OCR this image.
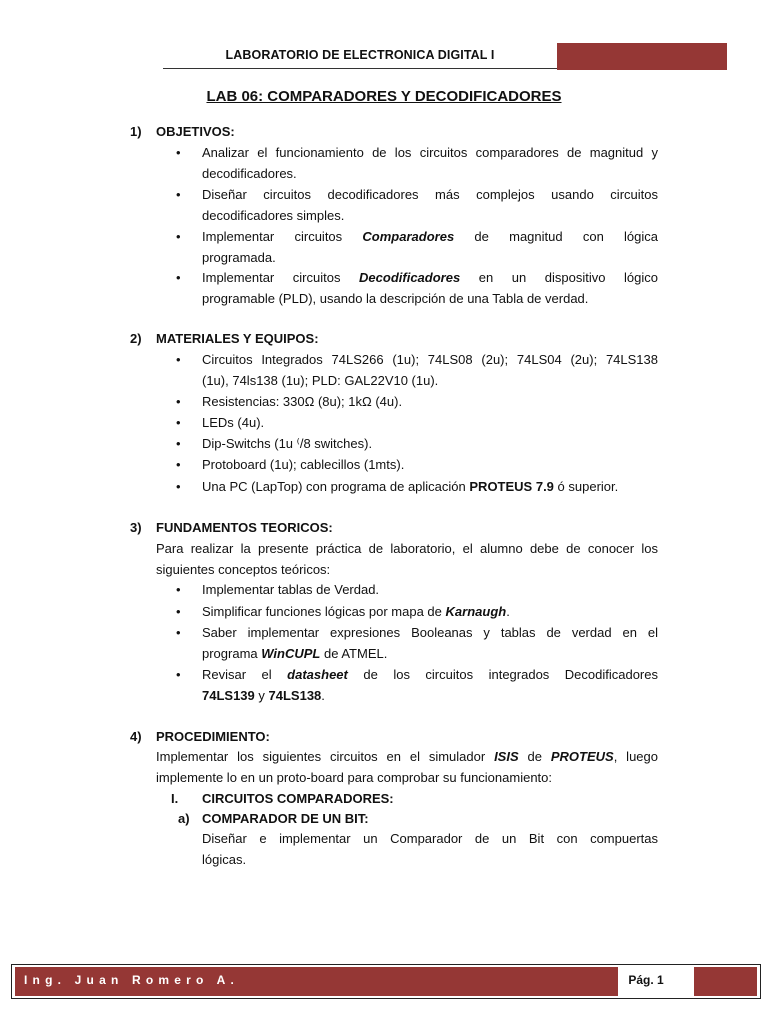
LABORATORIO DE ELECTRONICA DIGITAL I
LAB 06: COMPARADORES Y DECODIFICADORES
1) OBJETIVOS:
• Analizar el funcionamiento de los circuitos comparadores de magnitud y
decodificadores.
• Diseñar circuitos decodificadores más complejos usando circuitos
decodificadores simples.
• Implementar circuitos Comparadores de magnitud con lógica
programada.
• Implementar circuitos Decodificadores en un dispositivo lógico
programable (PLD), usando la descripción de una Tabla de verdad.
2) MATERIALES Y EQUIPOS:
• Circuitos Integrados 74LS266 (1u); 74LS08 (2u); 74LS04 (2u); 74LS138
(1u), 74ls138 (1u); PLD: GAL22V10 (1u).
• Resistencias: 330Ω (8u); 1kΩ (4u).
• LEDs (4u).
• Dip-Switchs (1u ⁽/8 switches).
• Protoboard (1u); cablecillos (1mts).
• Una PC (LapTop) con programa de aplicación PROTEUS 7.9 ó superior.
3) FUNDAMENTOS TEORICOS:
Para realizar la presente práctica de laboratorio, el alumno debe de conocer los
siguientes conceptos teóricos:
• Implementar tablas de Verdad.
• Simplificar funciones lógicas por mapa de Karnaugh.
• Saber implementar expresiones Booleanas y tablas de verdad en el
programa WinCUPL de ATMEL.
• Revisar el datasheet de los circuitos integrados Decodificadores
74LS139 y 74LS138.
4) PROCEDIMIENTO:
Implementar los siguientes circuitos en el simulador ISIS de PROTEUS, luego
implemente lo en un proto-board para comprobar su funcionamiento:
I. CIRCUITOS COMPARADORES:
a) COMPARADOR DE UN BIT:
Diseñar e implementar un Comparador de un Bit con compuertas
lógicas.
Ing. Juan Romero A.	Pág. 1
